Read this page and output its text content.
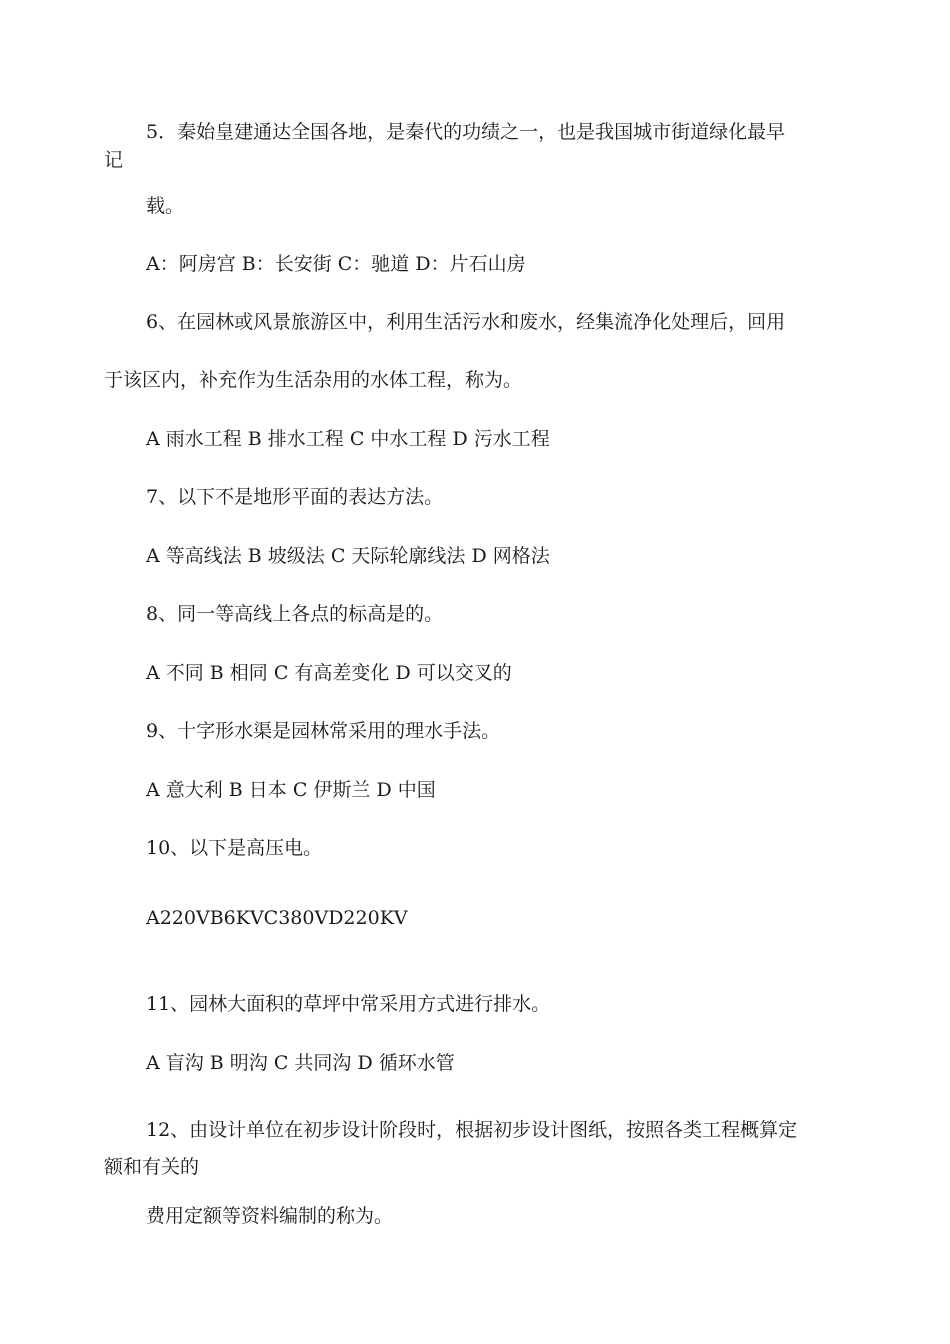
5．秦始皇建通达全国各地，是秦代的功绩之一，也是我国城市街道绿化最早
记
载。
A：阿房宫 B：长安街 C：驰道 D：片石山房
6、在园林或风景旅游区中，利用生活污水和废水，经集流净化处理后，回用
于该区内，补充作为生活杂用的水体工程，称为。
A 雨水工程 B 排水工程 C 中水工程 D 污水工程
7、以下不是地形平面的表达方法。
A 等高线法 B 坡级法 C 天际轮廓线法 D 网格法
8、同一等高线上各点的标高是的。
A 不同 B 相同 C 有高差变化 D 可以交叉的
9、十字形水渠是园林常采用的理水手法。
A 意大利 B 日本 C 伊斯兰 D 中国
10、以下是高压电。
A220VB6KVC380VD220KV
11、园林大面积的草坪中常采用方式进行排水。
A 盲沟 B 明沟 C 共同沟 D 循环水管
12、由设计单位在初步设计阶段时，根据初步设计图纸，按照各类工程概算定
额和有关的
费用定额等资料编制的称为。
